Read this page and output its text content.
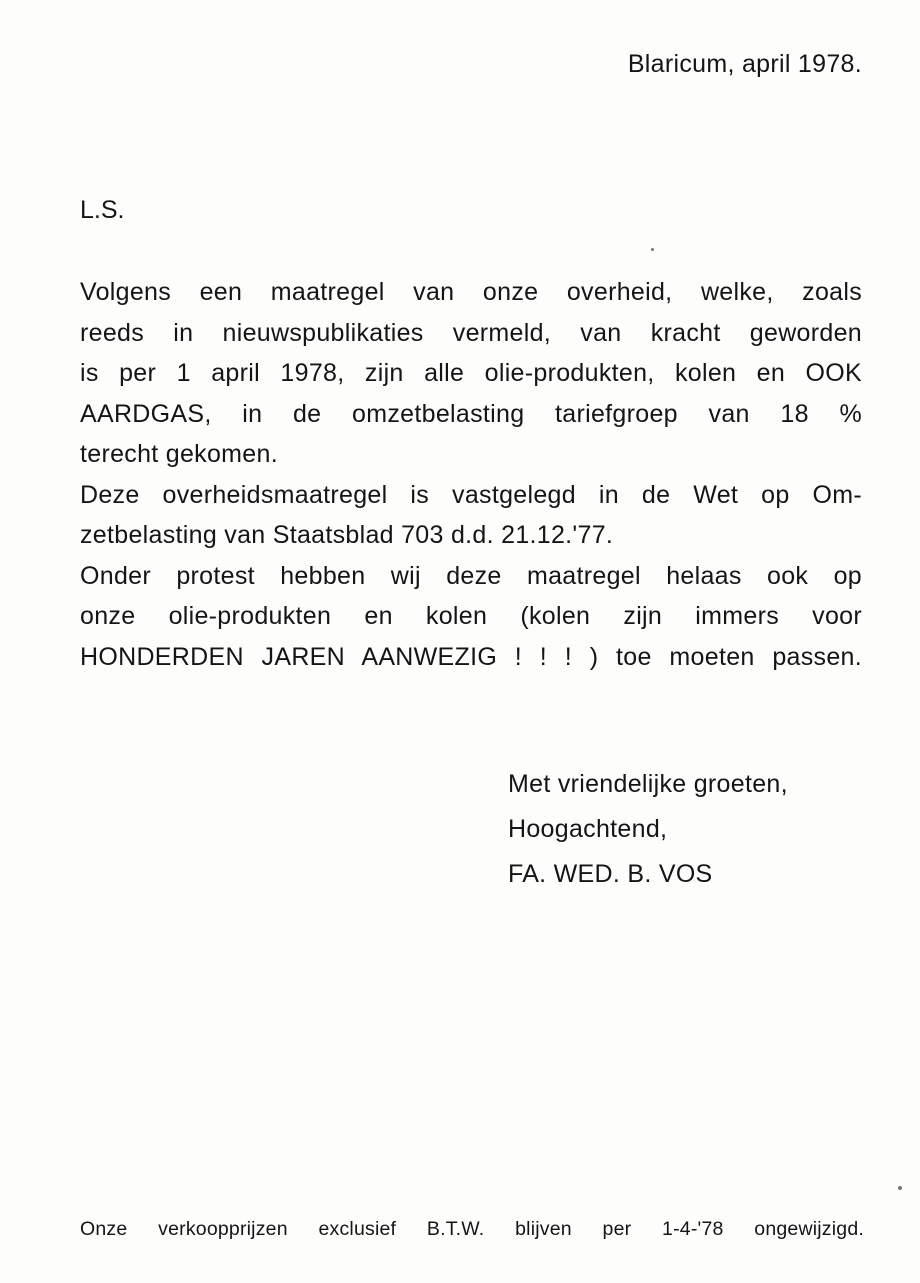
Blaricum, april 1978.
L.S.
Volgens een maatregel van onze overheid, welke, zoals
reeds in nieuwspublikaties vermeld, van kracht geworden
is per 1 april 1978, zijn alle olie-produkten, kolen en OOK
AARDGAS, in de omzetbelasting tariefgroep van 18 %
terecht gekomen.
Deze overheidsmaatregel is vastgelegd in de Wet op Om-
zetbelasting van Staatsblad 703 d.d. 21.12.'77.
Onder protest hebben wij deze maatregel helaas ook op
onze olie-produkten en kolen (kolen zijn immers voor
HONDERDEN JAREN AANWEZIG ! ! ! ) toe moeten passen.
Met vriendelijke groeten,
Hoogachtend,
FA. WED. B. VOS
Onze verkoopprijzen exclusief B.T.W. blijven per 1-4-'78 ongewijzigd.
